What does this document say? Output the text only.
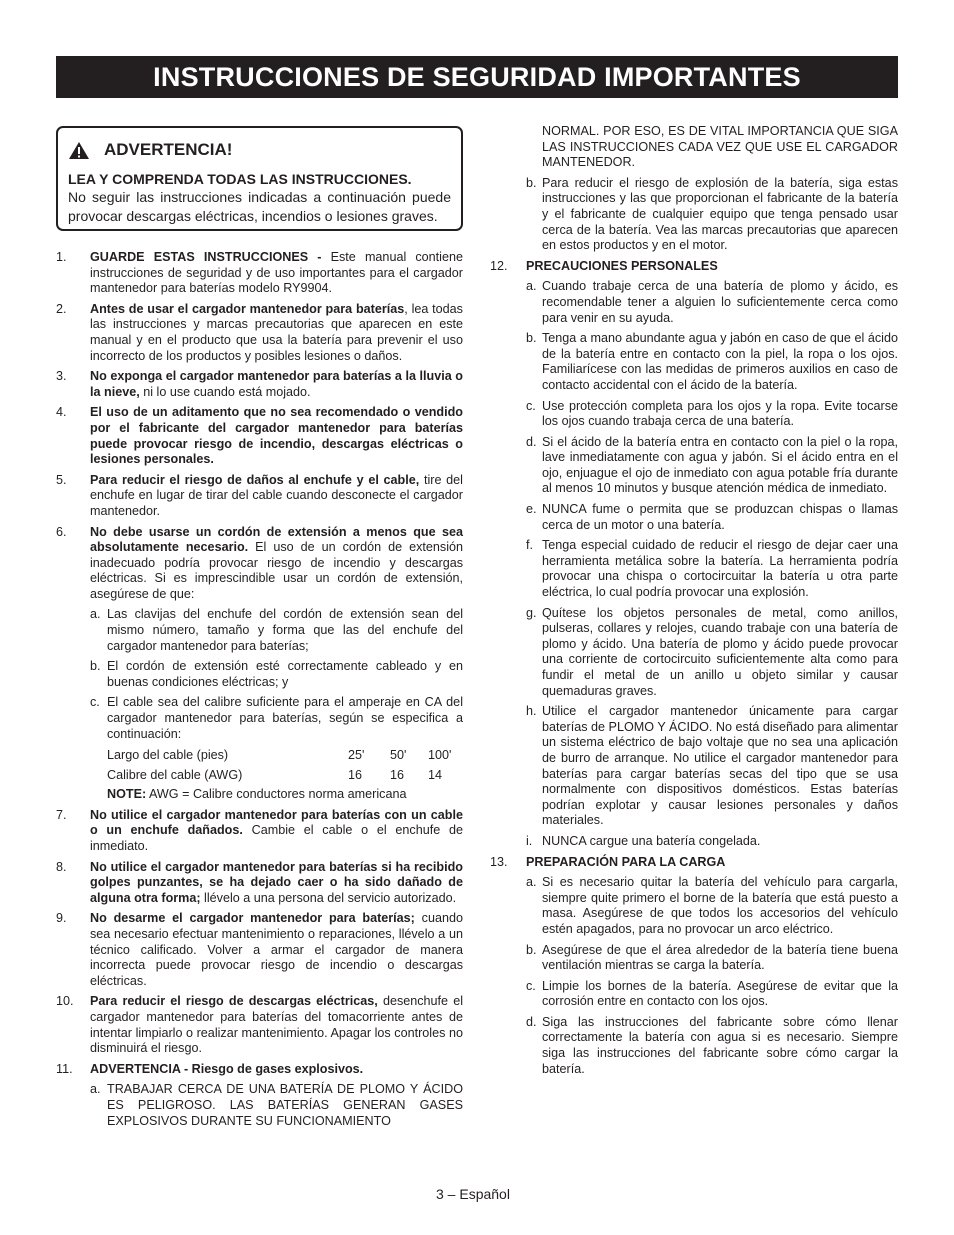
INSTRUCCIONES DE SEGURIDAD IMPORTANTES
ADVERTENCIA!
LEA Y COMPRENDA TODAS LAS INSTRUCCIONES.
No seguir las instrucciones indicadas a continuación puede provocar descargas eléctricas, incendios o lesiones graves.
1.	GUARDE ESTAS INSTRUCCIONES - Este manual contiene instrucciones de seguridad y de uso importantes para el cargador mantenedor para baterías modelo RY9904.
2.	Antes de usar el cargador mantenedor para baterías, lea todas las instrucciones y marcas precautorias que aparecen en este manual y en el producto que usa la batería para prevenir el uso incorrecto de los productos y posibles lesiones o daños.
3.	No exponga el cargador mantenedor para baterías a la lluvia o la nieve, ni lo use cuando está mojado.
4.	El uso de un aditamento que no sea recomendado o vendido por el fabricante del cargador mantenedor para baterías puede provocar riesgo de incendio, descargas eléctricas o lesiones personales.
5.	Para reducir el riesgo de daños al enchufe y el cable, tire del enchufe en lugar de tirar del cable cuando desconecte el cargador mantenedor.
6.	No debe usarse un cordón de extensión a menos que sea absolutamente necesario. El uso de un cordón de extensión inadecuado podría provocar riesgo de incendio y descargas eléctricas. Si es imprescindible usar un cordón de extensión, asegúrese de que:
a. Las clavijas del enchufe del cordón de extensión sean del mismo número, tamaño y forma que las del enchufe del cargador mantenedor para baterías;
b. El cordón de extensión esté correctamente cableado y en buenas condiciones eléctricas; y
c. El cable sea del calibre suficiente para el amperaje en CA del cargador mantenedor para baterías, según se especifica a continuación:
Largo del cable (pies)	25'	50'	100'
Calibre del cable (AWG)	16	16	14
NOTE: AWG = Calibre conductores norma americana
7.	No utilice el cargador mantenedor para baterías con un cable o un enchufe dañados. Cambie el cable o el enchufe de inmediato.
8.	No utilice el cargador mantenedor para baterías si ha recibido golpes punzantes, se ha dejado caer o ha sido dañado de alguna otra forma; llévelo a una persona del servicio autorizado.
9.	No desarme el cargador mantenedor para baterías; cuando sea necesario efectuar mantenimiento o reparaciones, llévelo a un técnico calificado. Volver a armar el cargador de manera incorrecta puede provocar riesgo de incendio o descargas eléctricas.
10.	Para reducir el riesgo de descargas eléctricas, desenchufe el cargador mantenedor para baterías del tomacorriente antes de intentar limpiarlo o realizar mantenimiento. Apagar los controles no disminuirá el riesgo.
11.	ADVERTENCIA - Riesgo de gases explosivos.
a. TRABAJAR CERCA DE UNA BATERÍA DE PLOMO Y ÁCIDO ES PELIGROSO. LAS BATERÍAS GENERAN GASES EXPLOSIVOS DURANTE SU FUNCIONAMIENTO
NORMAL. POR ESO, ES DE VITAL IMPORTANCIA QUE SIGA LAS INSTRUCCIONES CADA VEZ QUE USE EL CARGADOR MANTENEDOR.
b. Para reducir el riesgo de explosión de la batería, siga estas instrucciones y las que proporcionan el fabricante de la batería y el fabricante de cualquier equipo que tenga pensado usar cerca de la batería. Vea las marcas precautorias que aparecen en estos productos y en el motor.
12.	PRECAUCIONES PERSONALES
a. Cuando trabaje cerca de una batería de plomo y ácido, es recomendable tener a alguien lo suficientemente cerca como para venir en su ayuda.
b. Tenga a mano abundante agua y jabón en caso de que el ácido de la batería entre en contacto con la piel, la ropa o los ojos. Familiarícese con las medidas de primeros auxilios en caso de contacto accidental con el ácido de la batería.
c. Use protección completa para los ojos y la ropa. Evite tocarse los ojos cuando trabaja cerca de una batería.
d. Si el ácido de la batería entra en contacto con la piel o la ropa, lave inmediatamente con agua y jabón. Si el ácido entra en el ojo, enjuague el ojo de inmediato con agua potable fría durante al menos 10 minutos y busque atención médica de inmediato.
e. NUNCA fume o permita que se produzcan chispas o llamas cerca de un motor o una batería.
f. Tenga especial cuidado de reducir el riesgo de dejar caer una herramienta metálica sobre la batería. La herramienta podría provocar una chispa o cortocircuitar la batería u otra parte eléctrica, lo cual podría provocar una explosión.
g. Quítese los objetos personales de metal, como anillos, pulseras, collares y relojes, cuando trabaje con una batería de plomo y ácido. Una batería de plomo y ácido puede provocar una corriente de cortocircuito suficientemente alta como para fundir el metal de un anillo u objeto similar y causar quemaduras graves.
h. Utilice el cargador mantenedor únicamente para cargar baterías de PLOMO Y ÁCIDO. No está diseñado para alimentar un sistema eléctrico de bajo voltaje que no sea una aplicación de burro de arranque. No utilice el cargador mantenedor para baterías para cargar baterías secas del tipo que se usa normalmente con dispositivos domésticos. Estas baterías podrían explotar y causar lesiones personales y daños materiales.
i. NUNCA cargue una batería congelada.
13.	PREPARACIÓN PARA LA CARGA
a. Si es necesario quitar la batería del vehículo para cargarla, siempre quite primero el borne de la batería que está puesto a masa. Asegúrese de que todos los accesorios del vehículo estén apagados, para no provocar un arco eléctrico.
b. Asegúrese de que el área alrededor de la batería tiene buena ventilación mientras se carga la batería.
c. Limpie los bornes de la batería. Asegúrese de evitar que la corrosión entre en contacto con los ojos.
d. Siga las instrucciones del fabricante sobre cómo llenar correctamente la batería con agua si es necesario. Siempre siga las instrucciones del fabricante sobre cómo cargar la batería.
3 – Español
